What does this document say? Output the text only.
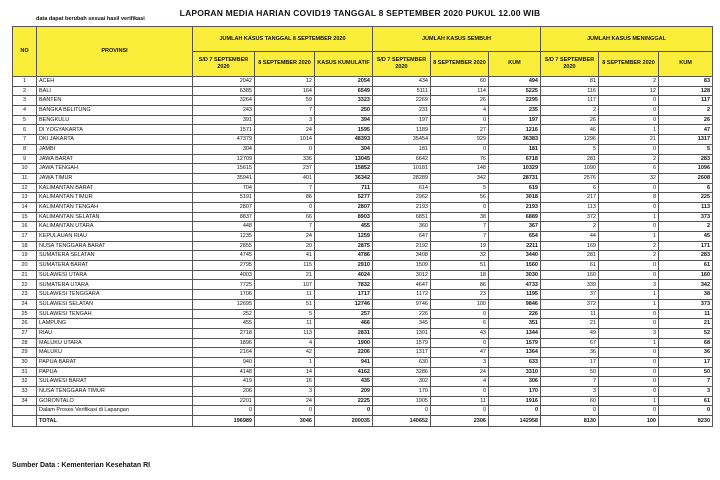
LAPORAN MEDIA HARIAN COVID19 TANGGAL 8 SEPTEMBER 2020 PUKUL 12.00 WIB
data dapat berubah sesuai hasil verifikasi
NO	PROVINSI	JUMLAH KASUS TANGGAL 8 SEPTEMBER 2020			JUMLAH KASUS SEMBUH			JUMLAH KASUS MENINGGAL		
		S/D 7 SEPTEMBER 2020	8 SEPTEMBER 2020	KASUS KUMULATIF	S/D 7 SEPTEMBER 2020	8 SEPTEMBER 2020	KUM	S/D 7 SEPTEMBER 2020	8 SEPTEMBER 2020	KUM
1	ACEH	2042	12	2054	434	60	494	81	2	83
2	BALI	6385	164	6549	5111	114	5225	116	12	128
3	BANTEN	3264	59	3323	2269	26	2295	117	0	117
4	BANGKA BELITUNG	243	7	250	231	4	235	2	0	2
5	BENGKULU	391	3	394	197	0	197	26	0	26
6	DI YOGYAKARTA	1571	24	1595	1189	27	1216	46	1	47
7	DKI JAKARTA	47379	1014	48393	35454	929	36383	1296	21	1317
8	JAMBI	304	0	304	181	0	181	5	0	5
9	JAWA BARAT	12709	336	13045	6642	76	6718	281	2	283
10	JAWA TENGAH	15615	237	15852	10181	148	10329	1090	6	1096
11	JAWA TIMUR	35941	401	36342	28289	342	28731	2576	32	2608
12	KALIMANTAN BARAT	704	7	711	614	5	619	6	0	6
13	KALIMANTAN TIMUR	5191	86	5277	2962	56	3018	217	8	225
14	KALIMANTAN TENGAH	2807	0	2807	2193	0	2193	113	0	113
15	KALIMANTAN SELATAN	8837	66	8903	6851	38	6889	372	1	373
16	KALIMANTAN UTARA	448	7	455	360	7	367	2	0	2
17	KEPULAUAN RIAU	1235	24	1259	647	7	654	44	1	45
18	NUSA TENGGARA BARAT	2855	20	2875	2192	19	2211	169	2	171
19	SUMATERA SELATAN	4745	41	4786	3408	32	3440	281	2	283
20	SUMATERA BARAT	2795	115	2910	1509	51	1560	61	0	61
21	SULAWESI UTARA	4003	21	4024	3012	18	3030	160	0	160
22	SUMATERA UTARA	7725	107	7832	4647	86	4733	339	3	342
23	SULAWESI TENGGARA	1706	11	1717	1172	23	1195	37	1	38
24	SULAWESI SELATAN	12695	51	12746	9746	100	9846	372	1	373
25	SULAWESI TENGAH	252	5	257	226	0	226	11	0	11
26	LAMPUNG	455	11	466	345	6	351	21	0	21
27	RIAU	2718	113	2831	1301	43	1344	49	3	52
28	MALUKU UTARA	1896	4	1900	1579	0	1579	67	1	68
29	MALUKU	2164	42	2206	1317	47	1364	36	0	36
30	PAPUA BARAT	940	1	941	630	3	633	17	0	17
31	PAPUA	4148	14	4162	3286	24	3310	50	0	50
32	SULAWESI BARAT	419	16	435	302	4	306	7	0	7
33	NUSA TENGGARA TIMUR	206	3	209	170	0	170	3	0	3
34	GORONTALO	2201	24	2225	1905	11	1916	60	1	61
	Dalam Proses Verifikasi di Lapangan	0	0	0	0	0	0	0	0	0
	TOTAL	196989	3046	200035	140652	2306	142958	8130	100	8230
Sumber Data : Kementerian Kesehatan RI
